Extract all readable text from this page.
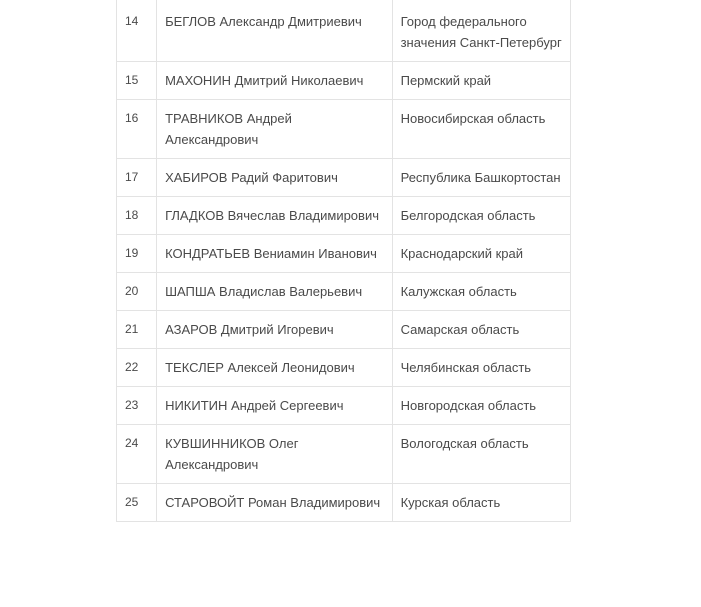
14	БЕГЛОВ Александр Дмитриевич	Город федерального значения Санкт-Петербург
15	МАХОНИН Дмитрий Николаевич	Пермский край
16	ТРАВНИКОВ Андрей Александрович	Новосибирская область
17	ХАБИРОВ Радий Фаритович	Республика Башкортостан
18	ГЛАДКОВ Вячеслав Владимирович	Белгородская область
19	КОНДРАТЬЕВ Вениамин Иванович	Краснодарский край
20	ШАПША Владислав Валерьевич	Калужская область
21	АЗАРОВ Дмитрий Игоревич	Самарская область
22	ТЕКСЛЕР Алексей Леонидович	Челябинская область
23	НИКИТИН Андрей Сергеевич	Новгородская область
24	КУВШИННИКОВ Олег Александрович	Вологодская область
25	СТАРОВОЙТ Роман Владимирович	Курская область
